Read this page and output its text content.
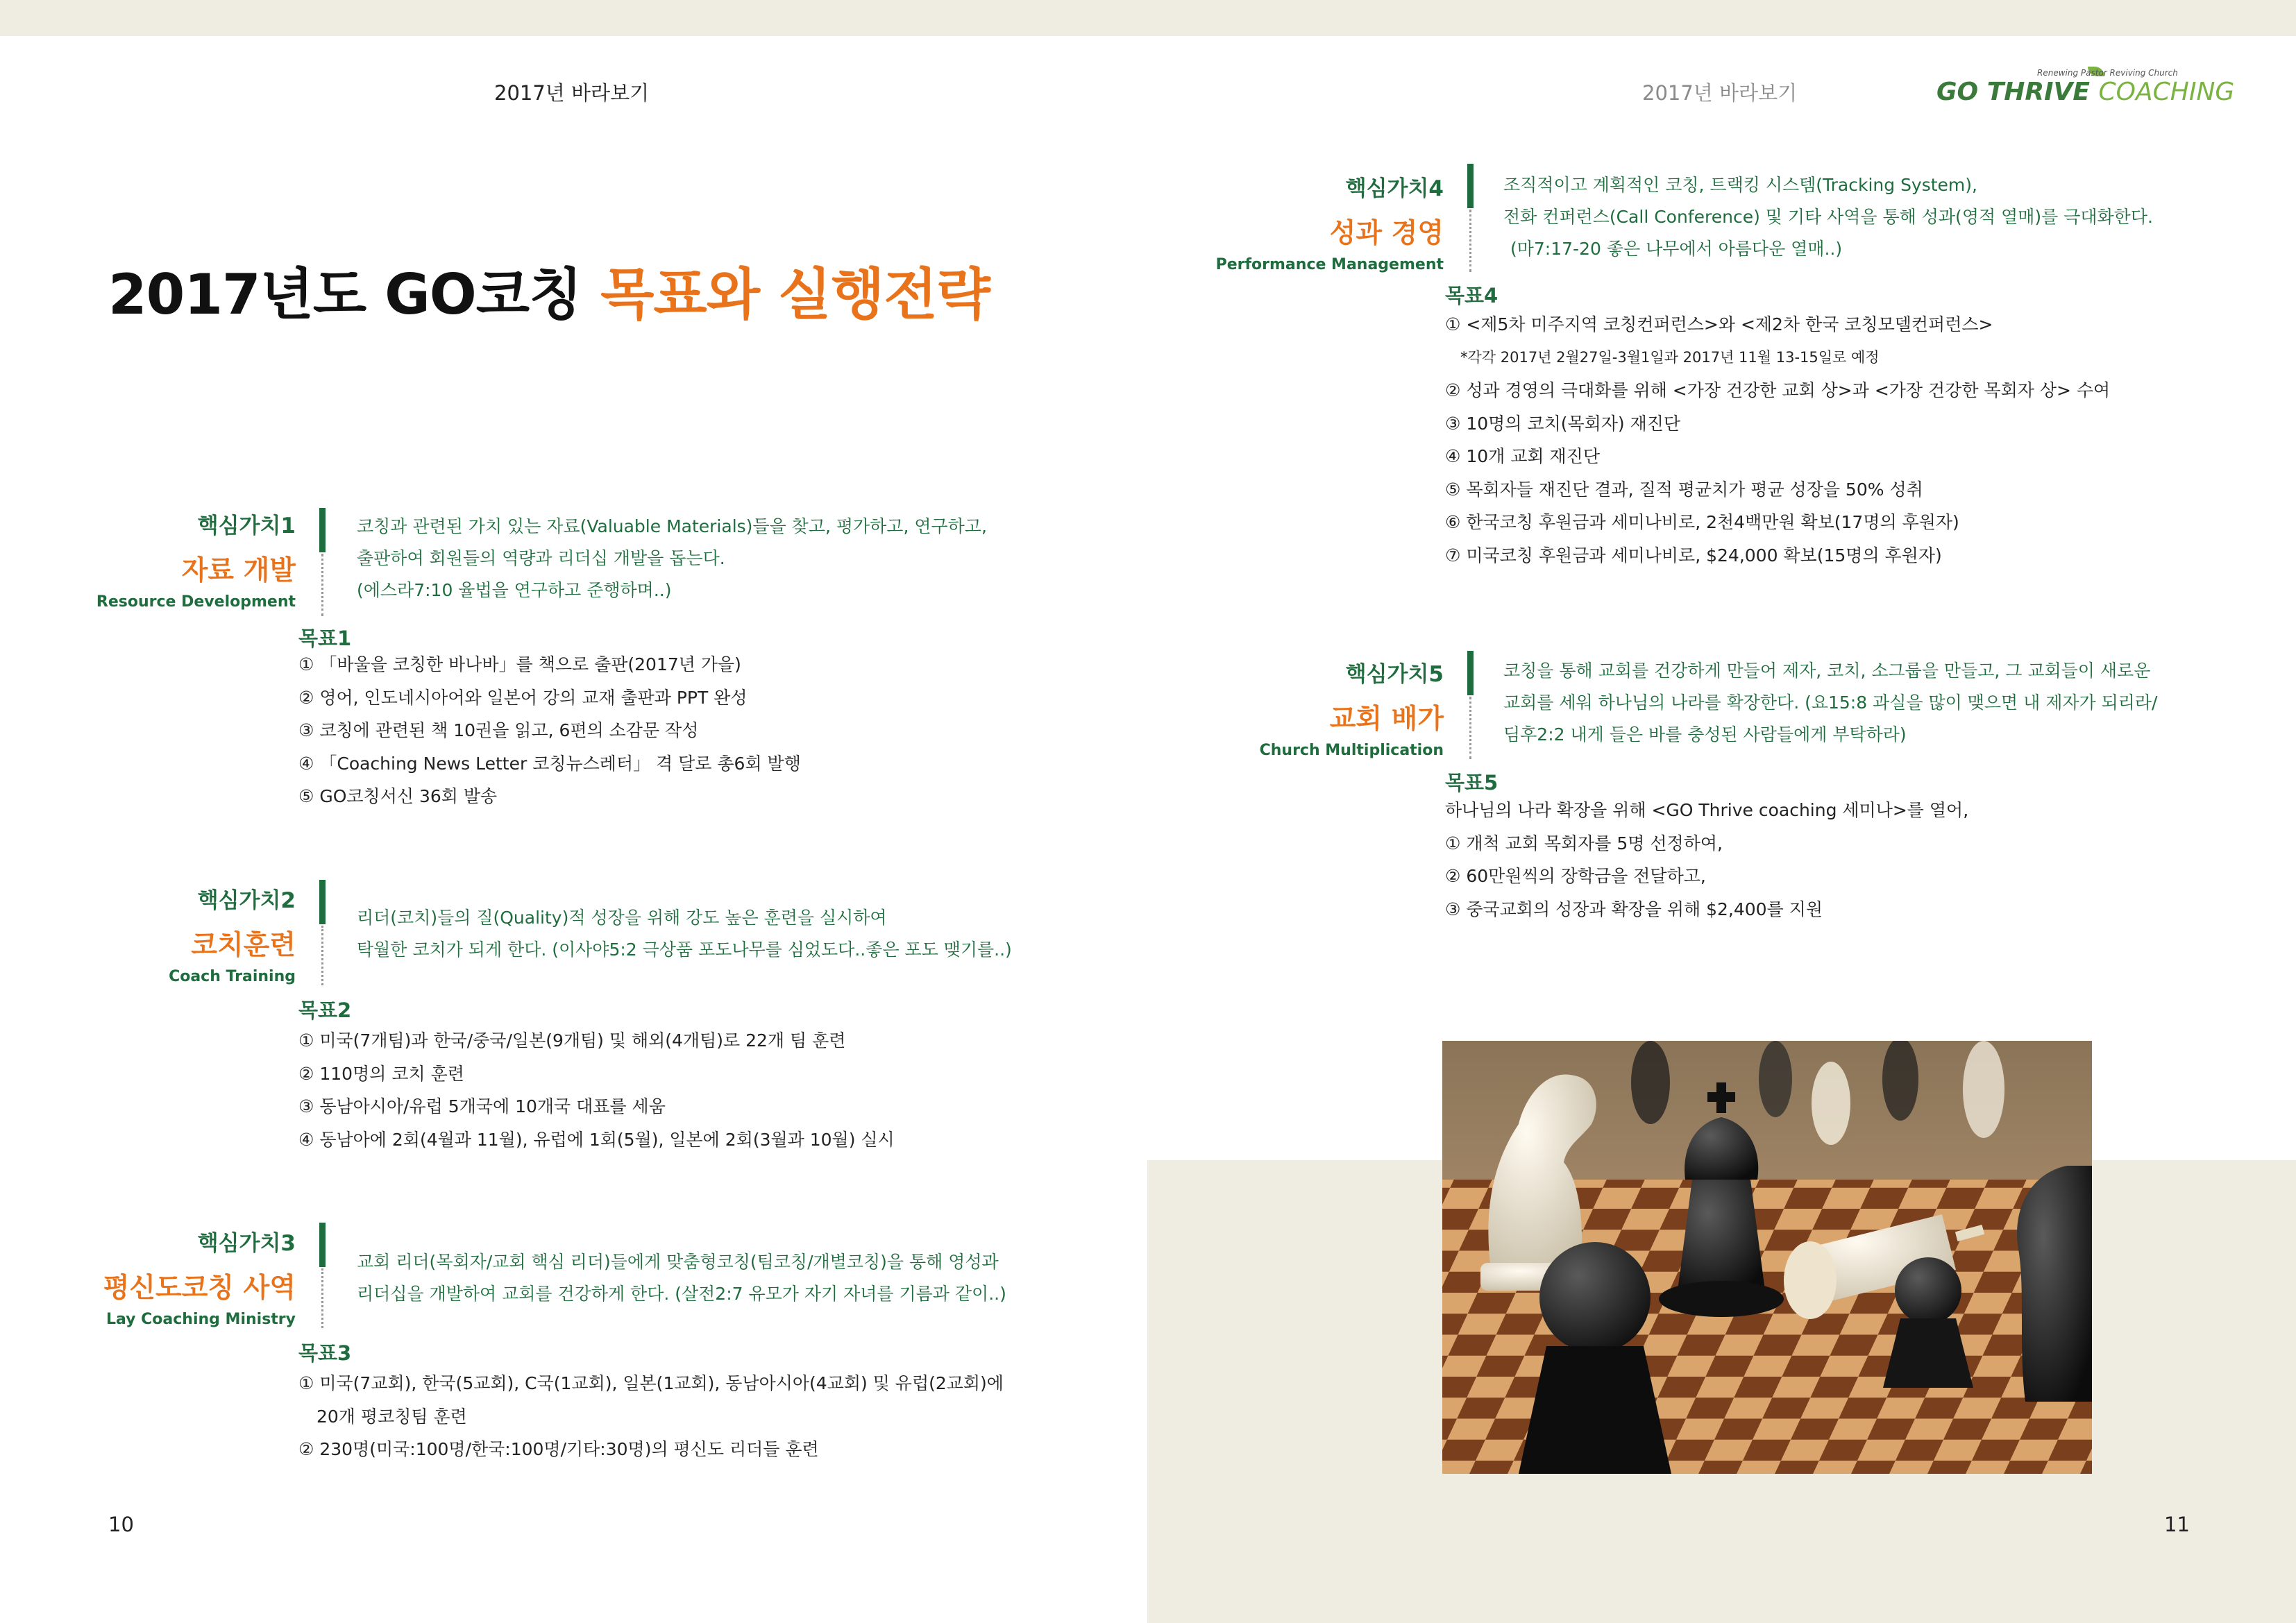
2017년 바라보기	2017년 바라보기
Renewing Pastor Reviving Church
GO THRIVE COACHING
2017년도 GO코칭 목표와 실행전략
핵심가치1
자료 개발
Resource Development
코칭과 관련된 가치 있는 자료(Valuable Materials)들을 찾고, 평가하고, 연구하고,
출판하여 회원들의 역량과 리더십 개발을 돕는다.
(에스라7:10 율법을 연구하고 준행하며..)
목표1
① 「바울을 코칭한 바나바」를 책으로 출판(2017년 가을)
② 영어, 인도네시아어와 일본어 강의 교재 출판과 PPT 완성
③ 코칭에 관련된 책 10권을 읽고, 6편의 소감문 작성
④ 「Coaching News Letter 코칭뉴스레터」 격 달로 총6회 발행
⑤ GO코칭서신 36회 발송
핵심가치2
코치훈련
Coach Training
리더(코치)들의 질(Quality)적 성장을 위해 강도 높은 훈련을 실시하여
탁월한 코치가 되게 한다. (이사야5:2 극상품 포도나무를 심었도다..좋은 포도 맺기를..)
목표2
① 미국(7개팀)과 한국/중국/일본(9개팀) 및 해외(4개팀)로 22개 팀 훈련
② 110명의 코치 훈련
③ 동남아시아/유럽 5개국에 10개국 대표를 세움
④ 동남아에 2회(4월과 11월), 유럽에 1회(5월), 일본에 2회(3월과 10월) 실시
핵심가치3
평신도코칭 사역
Lay Coaching Ministry
교회 리더(목회자/교회 핵심 리더)들에게 맞춤형코칭(팀코칭/개별코칭)을 통해 영성과
리더십을 개발하여 교회를 건강하게 한다. (살전2:7 유모가 자기 자녀를 기름과 같이..)
목표3
① 미국(7교회), 한국(5교회), C국(1교회), 일본(1교회), 동남아시아(4교회) 및 유럽(2교회)에
20개 평코칭팀 훈련
② 230명(미국:100명/한국:100명/기타:30명)의 평신도 리더들 훈련
핵심가치4
성과 경영
Performance Management
조직적이고 계획적인 코칭, 트랙킹 시스템(Tracking System),
전화 컨퍼런스(Call Conference) 및 기타 사역을 통해 성과(영적 열매)를 극대화한다.
(마7:17-20 좋은 나무에서 아름다운 열매..)
목표4
① <제5차 미주지역 코칭컨퍼런스>와 <제2차 한국 코칭모델컨퍼런스>
*각각 2017년 2월27일-3월1일과 2017년 11월 13-15일로 예정
② 성과 경영의 극대화를 위해 <가장 건강한 교회 상>과 <가장 건강한 목회자 상> 수여
③ 10명의 코치(목회자) 재진단
④ 10개 교회 재진단
⑤ 목회자들 재진단 결과, 질적 평균치가 평균 성장을 50% 성취
⑥ 한국코칭 후원금과 세미나비로, 2천4백만원 확보(17명의 후원자)
⑦ 미국코칭 후원금과 세미나비로, $24,000 확보(15명의 후원자)
핵심가치5
교회 배가
Church Multiplication
코칭을 통해 교회를 건강하게 만들어 제자, 코치, 소그룹을 만들고, 그 교회들이 새로운
교회를 세워 하나님의 나라를 확장한다. (요15:8 과실을 많이 맺으면 내 제자가 되리라/
딤후2:2 내게 들은 바를 충성된 사람들에게 부탁하라)
목표5
하나님의 나라 확장을 위해 <GO Thrive coaching 세미나>를 열어,
① 개척 교회 목회자를 5명 선정하여,
② 60만원씩의 장학금을 전달하고,
③ 중국교회의 성장과 확장을 위해 $2,400를 지원
10	11
